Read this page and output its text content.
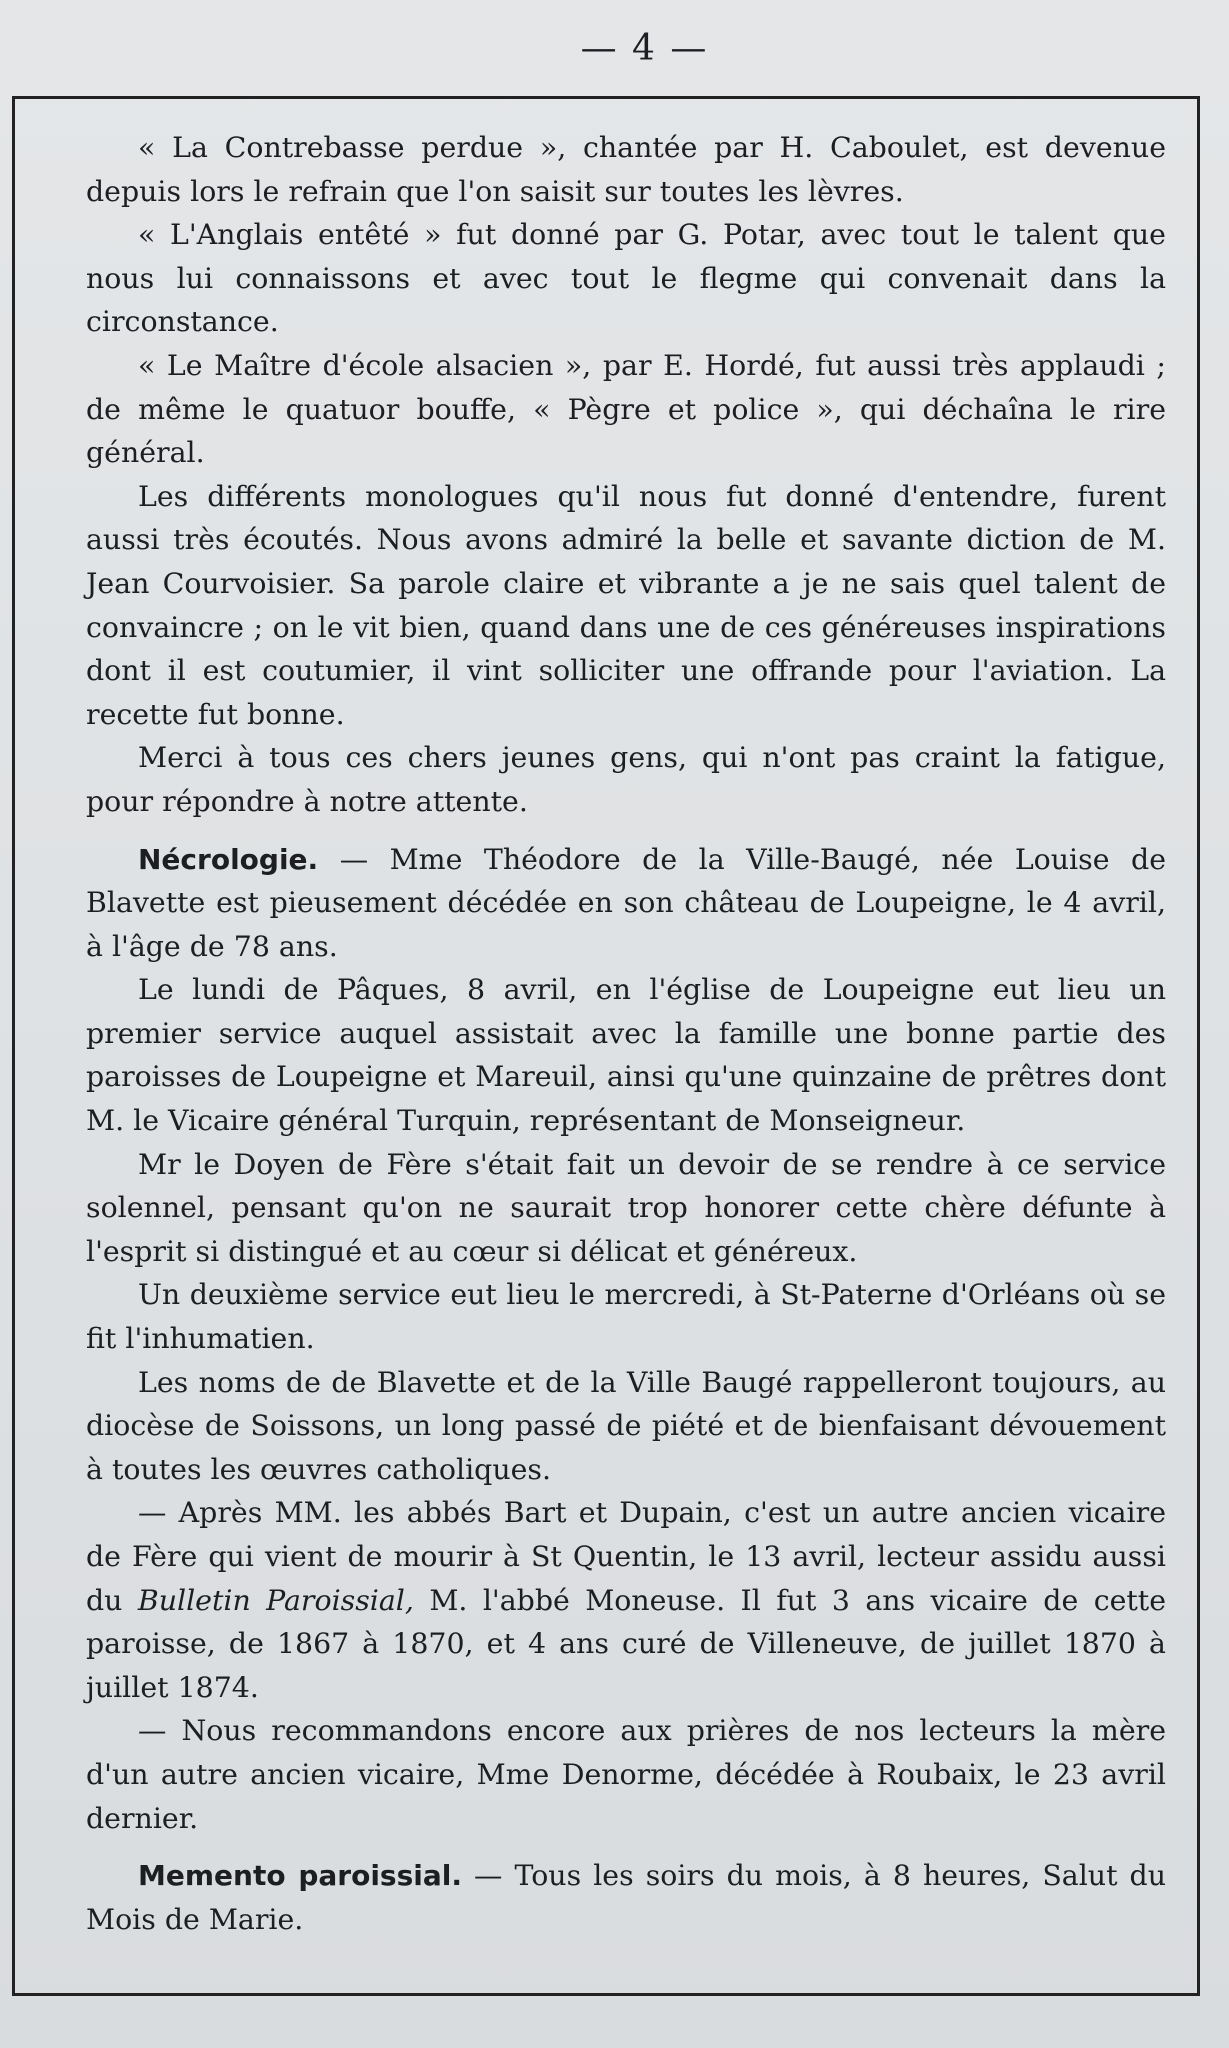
— 4 —

« La Contrebasse perdue », chantée par H. Caboulet, est devenue depuis lors le refrain que l'on saisit sur toutes les lèvres.

« L'Anglais entêté » fut donné par G. Potar, avec tout le talent que nous lui connaissons et avec tout le flegme qui convenait dans la circonstance.

« Le Maître d'école alsacien », par E. Hordé, fut aussi très applaudi ; de même le quatuor bouffe, « Pègre et police », qui déchaîna le rire général.

Les différents monologues qu'il nous fut donné d'entendre, furent aussi très écoutés. Nous avons admiré la belle et savante diction de M. Jean Courvoisier. Sa parole claire et vibrante a je ne sais quel talent de convaincre ; on le vit bien, quand dans une de ces généreuses inspirations dont il est coutumier, il vint solliciter une offrande pour l'aviation. La recette fut bonne.

Merci à tous ces chers jeunes gens, qui n'ont pas craint la fatigue, pour répondre à notre attente.

Nécrologie. — Mme Théodore de la Ville-Baugé, née Louise de Blavette est pieusement décédée en son château de Loupeigne, le 4 avril, à l'âge de 78 ans.

Le lundi de Pâques, 8 avril, en l'église de Loupeigne eut lieu un premier service auquel assistait avec la famille une bonne partie des paroisses de Loupeigne et Mareuil, ainsi qu'une quinzaine de prêtres dont M. le Vicaire général Turquin, représentant de Monseigneur.

Mr le Doyen de Fère s'était fait un devoir de se rendre à ce service solennel, pensant qu'on ne saurait trop honorer cette chère défunte à l'esprit si distingué et au cœur si délicat et généreux.

Un deuxième service eut lieu le mercredi, à St-Paterne d'Orléans où se fit l'inhumatien.

Les noms de de Blavette et de la Ville Baugé rappelleront toujours, au diocèse de Soissons, un long passé de piété et de bienfaisant dévouement à toutes les œuvres catholiques.

— Après MM. les abbés Bart et Dupain, c'est un autre ancien vicaire de Fère qui vient de mourir à St Quentin, le 13 avril, lecteur assidu aussi du Bulletin Paroissial, M. l'abbé Moneuse. Il fut 3 ans vicaire de cette paroisse, de 1867 à 1870, et 4 ans curé de Villeneuve, de juillet 1870 à juillet 1874.

— Nous recommandons encore aux prières de nos lecteurs la mère d'un autre ancien vicaire, Mme Denorme, décédée à Roubaix, le 23 avril dernier.

Memento paroissial. — Tous les soirs du mois, à 8 heures, Salut du Mois de Marie.
